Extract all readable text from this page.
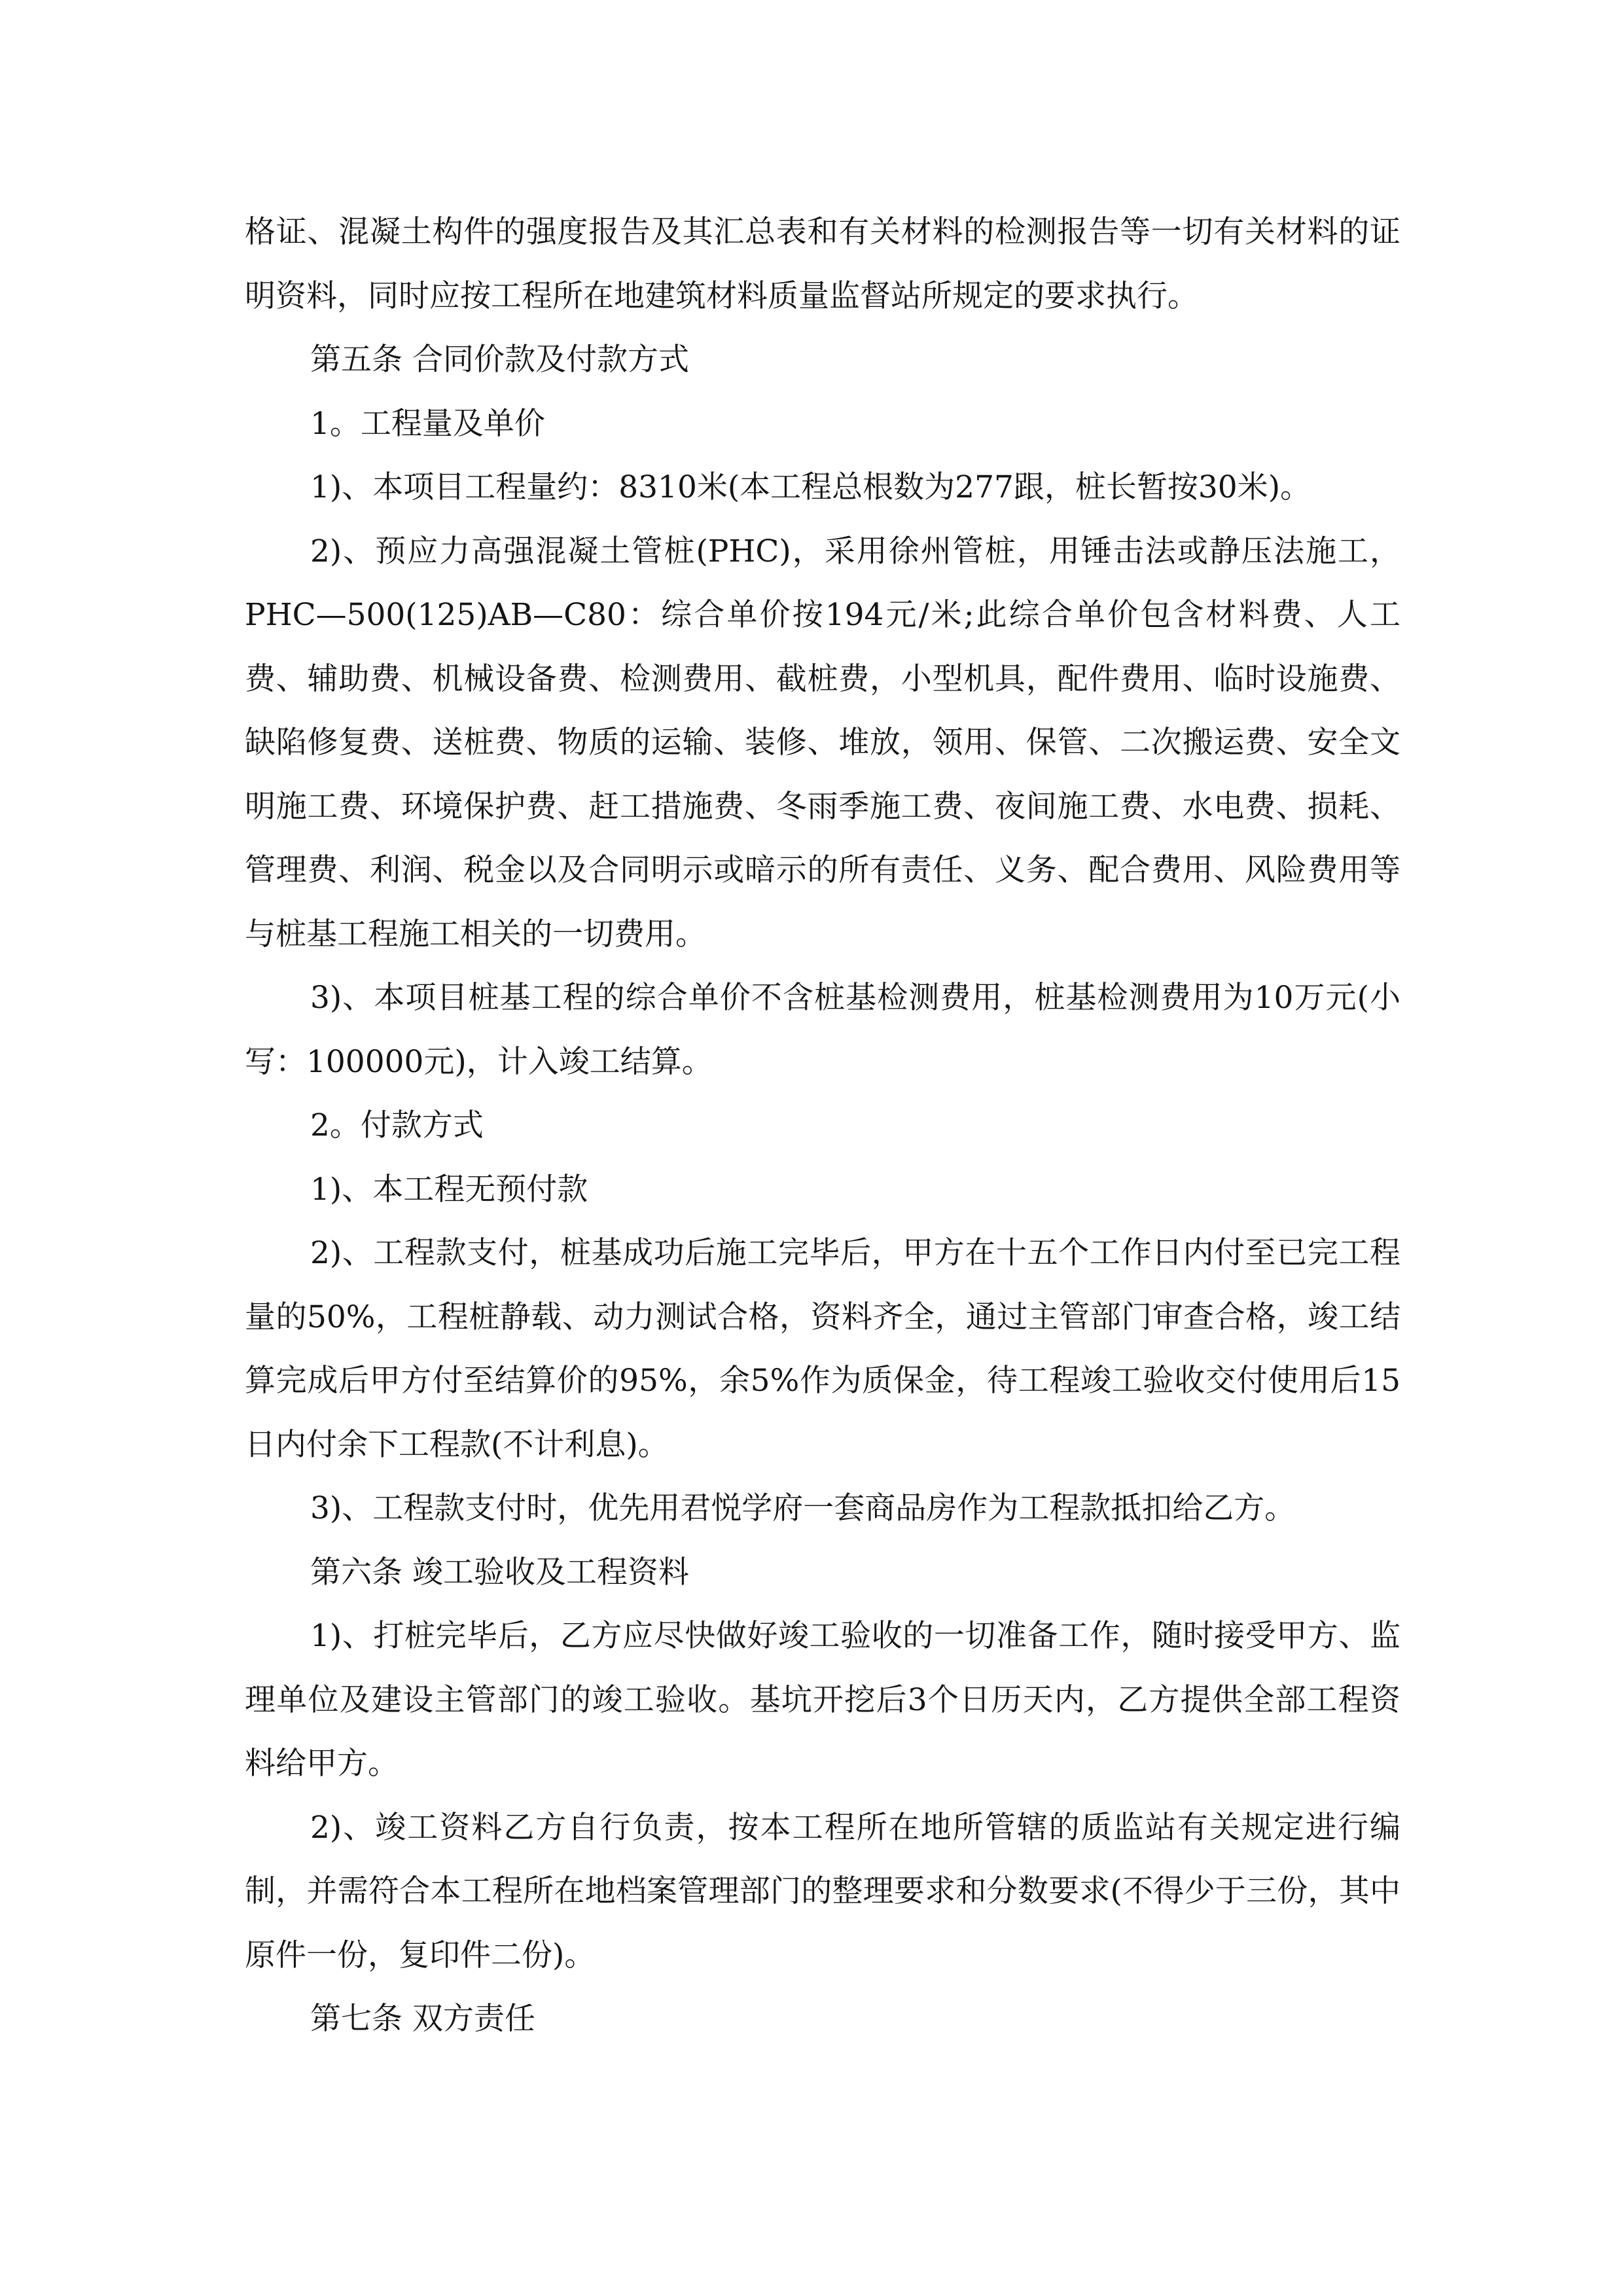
格证、混凝土构件的强度报告及其汇总表和有关材料的检测报告等一切有关材料的证明资料，同时应按工程所在地建筑材料质量监督站所规定的要求执行。

第五条 合同价款及付款方式

1。工程量及单价

1)、本项目工程量约：8310米(本工程总根数为277跟，桩长暂按30米)。

2)、预应力高强混凝土管桩(PHC)，采用徐州管桩，用锤击法或静压法施工，PHC—500(125)AB—C80：综合单价按194元/米;此综合单价包含材料费、人工费、辅助费、机械设备费、检测费用、截桩费，小型机具，配件费用、临时设施费、缺陷修复费、送桩费、物质的运输、装修、堆放，领用、保管、二次搬运费、安全文明施工费、环境保护费、赶工措施费、冬雨季施工费、夜间施工费、水电费、损耗、管理费、利润、税金以及合同明示或暗示的所有责任、义务、配合费用、风险费用等与桩基工程施工相关的一切费用。

3)、本项目桩基工程的综合单价不含桩基检测费用，桩基检测费用为10万元(小写：100000元)，计入竣工结算。

2。付款方式

1)、本工程无预付款

2)、工程款支付，桩基成功后施工完毕后，甲方在十五个工作日内付至已完工程量的50%，工程桩静载、动力测试合格，资料齐全，通过主管部门审查合格，竣工结算完成后甲方付至结算价的95%，余5%作为质保金，待工程竣工验收交付使用后15日内付余下工程款(不计利息)。

3)、工程款支付时，优先用君悦学府一套商品房作为工程款抵扣给乙方。

第六条 竣工验收及工程资料

1)、打桩完毕后，乙方应尽快做好竣工验收的一切准备工作，随时接受甲方、监理单位及建设主管部门的竣工验收。基坑开挖后3个日历天内，乙方提供全部工程资料给甲方。

2)、竣工资料乙方自行负责，按本工程所在地所管辖的质监站有关规定进行编制，并需符合本工程所在地档案管理部门的整理要求和分数要求(不得少于三份，其中原件一份，复印件二份)。

第七条 双方责任
